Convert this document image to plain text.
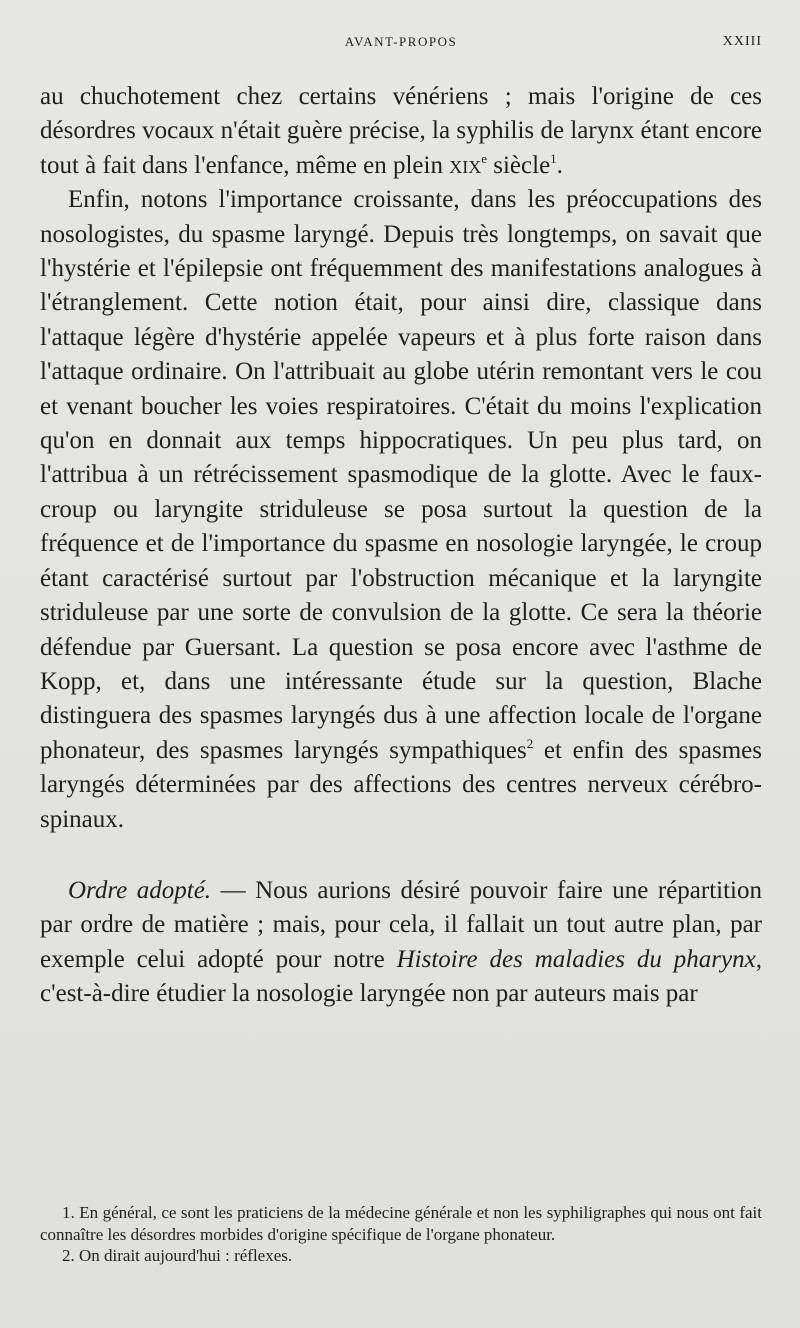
AVANT-PROPOS	XXIII

au chuchotement chez certains vénériens ; mais l'origine de ces désordres vocaux n'était guère précise, la syphilis de larynx étant encore tout à fait dans l'enfance, même en plein xix$^e$ siècle$^1$.

Enfin, notons l'importance croissante, dans les préoccupations des nosologistes, du spasme laryngé. Depuis très longtemps, on savait que l'hystérie et l'épilepsie ont fréquemment des manifestations analogues à l'étranglement. Cette notion était, pour ainsi dire, classique dans l'attaque légère d'hystérie appelée vapeurs et à plus forte raison dans l'attaque ordinaire. On l'attribuait au globe utérin remontant vers le cou et venant boucher les voies respiratoires. C'était du moins l'explication qu'on en donnait aux temps hippocratiques. Un peu plus tard, on l'attribua à un rétrécissement spasmodique de la glotte. Avec le faux-croup ou laryngite striduleuse se posa surtout la question de la fréquence et de l'importance du spasme en nosologie laryngée, le croup étant caractérisé surtout par l'obstruction mécanique et la laryngite striduleuse par une sorte de convulsion de la glotte. Ce sera la théorie défendue par Guersant. La question se posa encore avec l'asthme de Kopp, et, dans une intéressante étude sur la question, Blache distinguera des spasmes laryngés dus à une affection locale de l'organe phonateur, des spasmes laryngés sympathiques$^2$ et enfin des spasmes laryngés déterminées par des affections des centres nerveux cérébro-spinaux.

Ordre adopté. — Nous aurions désiré pouvoir faire une répartition par ordre de matière ; mais, pour cela, il fallait un tout autre plan, par exemple celui adopté pour notre Histoire des maladies du pharynx, c'est-à-dire étudier la nosologie laryngée non par auteurs mais par

1. En général, ce sont les praticiens de la médecine générale et non les syphiligraphes qui nous ont fait connaître les désordres morbides d'origine spécifique de l'organe phonateur.

2. On dirait aujourd'hui : réflexes.
